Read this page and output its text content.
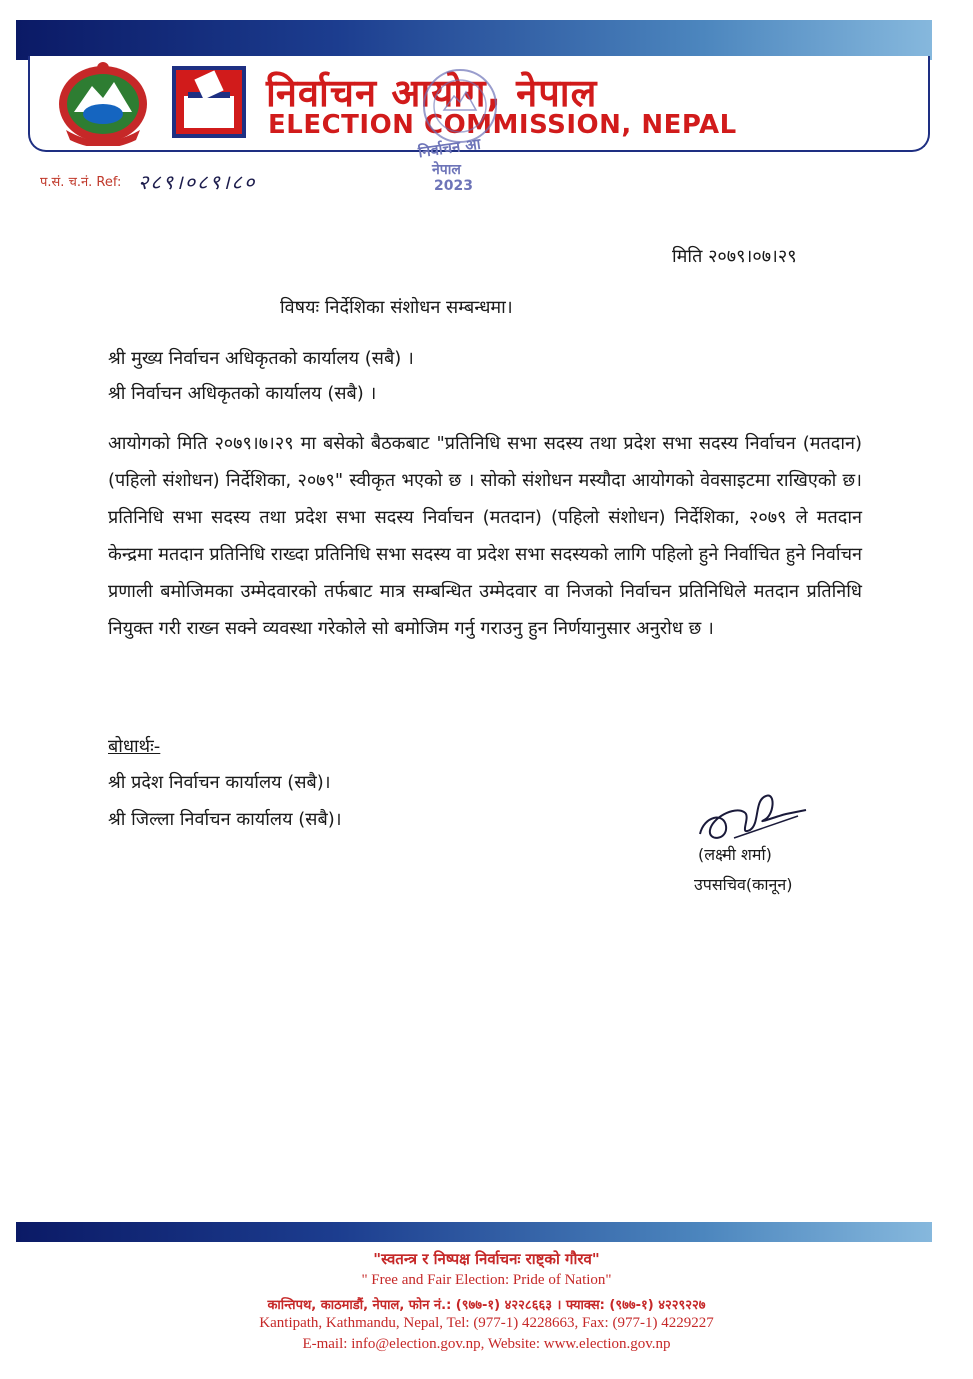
निर्वाचन आयोग, नेपाल
ELECTION COMMISSION, NEPAL
निर्वाचन आ
नेपाल
2023
प.सं. च.नं. Ref: २८९।०८९।८०
मिति २०७९।०७।२९
विषयः निर्देशिका संशोधन सम्बन्धमा।
श्री मुख्य निर्वाचन अधिकृतको कार्यालय (सबै) ।
श्री निर्वाचन अधिकृतको कार्यालय (सबै) ।
आयोगको मिति २०७९।७।२९ मा बसेको बैठकबाट "प्रतिनिधि सभा सदस्य तथा प्रदेश सभा सदस्य निर्वाचन (मतदान) (पहिलो संशोधन) निर्देशिका, २०७९" स्वीकृत भएको छ । सोको संशोधन मस्यौदा आयोगको वेवसाइटमा राखिएको छ। प्रतिनिधि सभा सदस्य तथा प्रदेश सभा सदस्य निर्वाचन (मतदान) (पहिलो संशोधन) निर्देशिका, २०७९ ले मतदान केन्द्रमा मतदान प्रतिनिधि राख्दा प्रतिनिधि सभा सदस्य वा प्रदेश सभा सदस्यको लागि पहिलो हुने निर्वाचित हुने निर्वाचन प्रणाली बमोजिमका उम्मेदवारको तर्फबाट मात्र सम्बन्धित उम्मेदवार वा निजको निर्वाचन प्रतिनिधिले मतदान प्रतिनिधि नियुक्त गरी राख्न सक्ने व्यवस्था गरेकोले सो बमोजिम गर्नु गराउनु हुन निर्णयानुसार अनुरोध छ ।
बोधार्थः-
श्री प्रदेश निर्वाचन कार्यालय (सबै)।
श्री जिल्ला निर्वाचन कार्यालय (सबै)।
(लक्ष्मी शर्मा)
उपसचिव(कानून)
"स्वतन्त्र र निष्पक्ष निर्वाचनः राष्ट्को गौरव"
" Free and Fair Election: Pride of Nation"
कान्तिपथ, काठमाडौं, नेपाल, फोन नं.: (९७७-१) ४२२८६६३ । फ्याक्स: (९७७-१) ४२२९२२७
Kantipath, Kathmandu, Nepal, Tel: (977-1) 4228663, Fax: (977-1) 4229227
E-mail: info@election.gov.np, Website: www.election.gov.np
